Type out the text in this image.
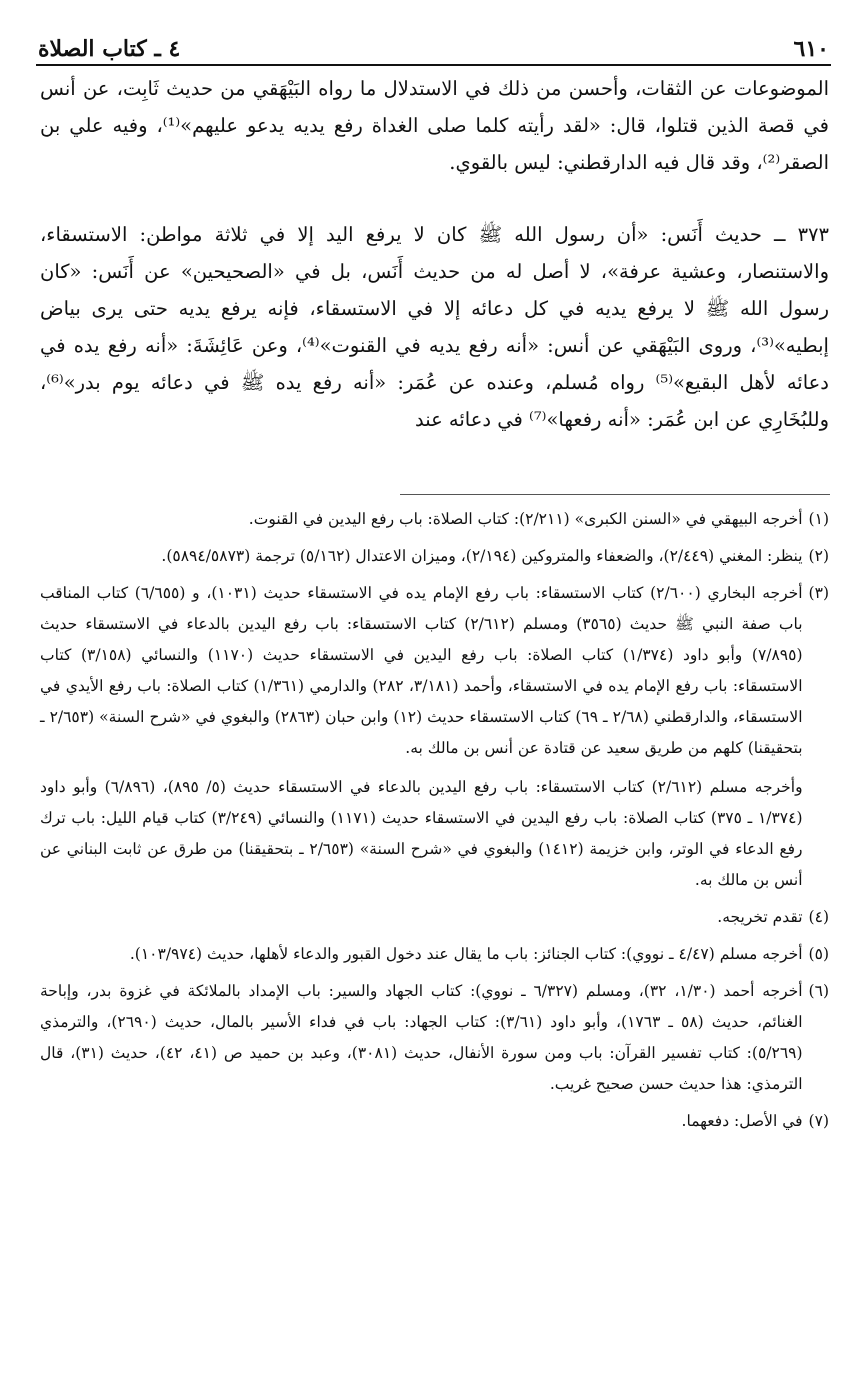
٦١٠
٤ ـ كتاب الصلاة

الموضوعات عن الثقات، وأحسن من ذلك في الاستدلال ما رواه البَيْهَقي من حديث ثَابِت، عن أنس في قصة الذين قتلوا، قال: «لقد رأيته كلما صلى الغداة رفع يديه يدعو عليهم»⁽¹⁾، وفيه علي بن الصقر⁽²⁾، وقد قال فيه الدارقطني: ليس بالقوي.

٣٧٣ ــ حديث أَنَس: «أن رسول الله ﷺ كان لا يرفع اليد إلا في ثلاثة مواطن: الاستسقاء، والاستنصار، وعشية عرفة»، لا أصل له من حديث أَنَس، بل في «الصحيحين» عن أَنَس: «كان رسول الله ﷺ لا يرفع يديه في كل دعائه إلا في الاستسقاء، فإنه يرفع يديه حتى يرى بياض إبطيه»⁽³⁾، وروى البَيْهَقي عن أنس: «أنه رفع يديه في القنوت»⁽⁴⁾، وعن عَائِشَةَ: «أنه رفع يده في دعائه لأهل البقيع»⁽⁵⁾ رواه مُسلم، وعنده عن عُمَر: «أنه رفع يده ﷺ في دعائه يوم بدر»⁽⁶⁾، وللبُخَارِي عن ابن عُمَر: «أنه رفعها»⁽⁷⁾ في دعائه عند

(١)

أخرجه البيهقي في «السنن الكبرى» (٢/٢١١): كتاب الصلاة: باب رفع اليدين في القنوت.

(٢)

ينظر: المغني (٢/٤٤٩)، والضعفاء والمتروكين (٢/١٩٤)، وميزان الاعتدال (٥/١٦٢) ترجمة (٥٨٩٤/٥٨٧٣).

(٣)

أخرجه البخاري (٢/٦٠٠) كتاب الاستسقاء: باب رفع الإمام يده في الاستسقاء حديث (١٠٣١)، و (٦/٦٥٥) كتاب المناقب باب صفة النبي ﷺ حديث (٣٥٦٥) ومسلم (٢/٦١٢) كتاب الاستسقاء: باب رفع اليدين بالدعاء في الاستسقاء حديث (٧/٨٩٥) وأبو داود (١/٣٧٤) كتاب الصلاة: باب رفع اليدين في الاستسقاء حديث (١١٧٠) والنسائي (٣/١٥٨) كتاب الاستسقاء: باب رفع الإمام يده في الاستسقاء، وأحمد (٣/١٨١، ٢٨٢) والدارمي (١/٣٦١) كتاب الصلاة: باب رفع الأيدي في الاستسقاء، والدارقطني (٢/٦٨ ـ ٦٩) كتاب الاستسقاء حديث (١٢) وابن حبان (٢٨٦٣) والبغوي في «شرح السنة» (٢/٦٥٣ ـ بتحقيقنا) كلهم من طريق سعيد عن قتادة عن أنس بن مالك به.

وأخرجه مسلم (٢/٦١٢) كتاب الاستسقاء: باب رفع اليدين بالدعاء في الاستسقاء حديث (٥/ ٨٩٥)، (٦/٨٩٦) وأبو داود (١/٣٧٤ ـ ٣٧٥) كتاب الصلاة: باب رفع اليدين في الاستسقاء حديث (١١٧١) والنسائي (٣/٢٤٩) كتاب قيام الليل: باب ترك رفع الدعاء في الوتر، وابن خزيمة (١٤١٢) والبغوي في «شرح السنة» (٢/٦٥٣ ـ بتحقيقنا) من طرق عن ثابت البناني عن أنس بن مالك به.

(٤)

تقدم تخريجه.

(٥)

أخرجه مسلم (٤/٤٧ ـ نووي): كتاب الجنائز: باب ما يقال عند دخول القبور والدعاء لأهلها، حديث (١٠٣/٩٧٤).

(٦)

أخرجه أحمد (١/٣٠، ٣٢)، ومسلم (٦/٣٢٧ ـ نووي): كتاب الجهاد والسير: باب الإمداد بالملائكة في غزوة بدر، وإباحة الغنائم، حديث (٥٨ ـ ١٧٦٣)، وأبو داود (٣/٦١): كتاب الجهاد: باب في فداء الأسير بالمال، حديث (٢٦٩٠)، والترمذي (٥/٢٦٩): كتاب تفسير القرآن: باب ومن سورة الأنفال، حديث (٣٠٨١)، وعبد بن حميد ص (٤١، ٤٢)، حديث (٣١)، قال الترمذي: هذا حديث حسن صحيح غريب.

(٧)

في الأصل: دفعهما.
